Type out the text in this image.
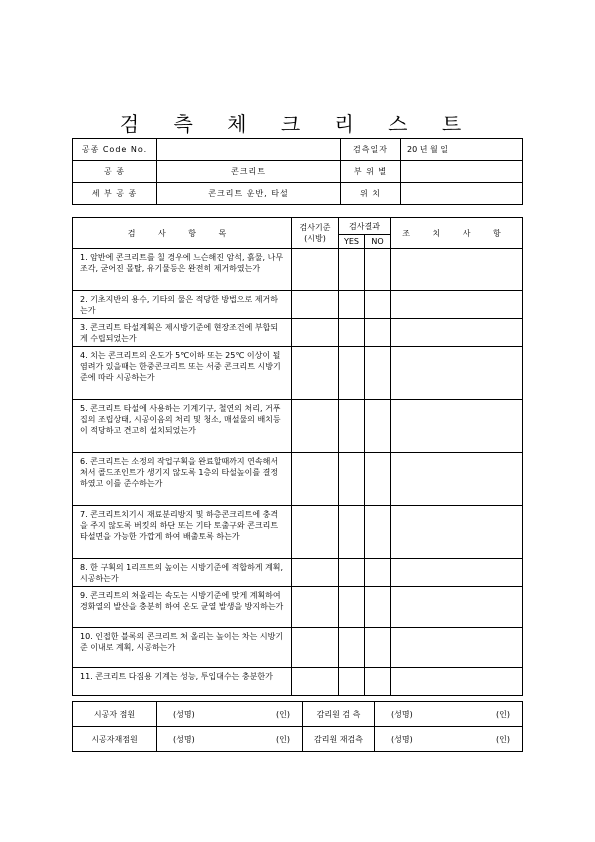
검 측 체 크 리 스 트
공종 Code No.		검측일자	20 년 월 일
공 종	콘크리트	부 위 별	
세 부 공 종	콘크리트 운반, 타설	위 치	
검 사 항 목	검사기준
(시방)	검사결과		조 치 사 항
		YES	NO	
1. 암반에 콘크리트를 칠 경우에 느슨해진 암석, 흙물, 나무조각, 굳어진 몰탈, 유기물등은 완전히 제거하였는가				
2. 기초지반의 용수, 기타의 물은 적당한 방법으로 제거하는가				
3. 콘크리트 타설계획은 제시방기준에 현장조건에 부합되게 수립되었는가				
4. 치는 콘크리트의 온도가 5℃이하 또는 25℃ 이상이 될 염려가 있을때는 한중콘크리트 또는 서중 콘크리트 시방기준에 따라 시공하는가				
5. 콘크리트 타설에 사용하는 기계기구, 철연의 처리, 거푸집의 조립상태, 시공이음의 처리 및 청소, 매설물의 배치등이 적당하고 견고히 설치되었는가				
6. 콘크리트는 소정의 작업구획을 완료할때까지 연속해서 쳐서 콜드조인트가 생기지 않도록 1층의 타설높이를 결정하였고 이를 준수하는가				
7. 콘크리트치기시 재료분리방지 및 하층콘크리트에 충격을 주지 않도록 버킷의 하단 또는 기타 토출구와 콘크리트 타설면을 가능한 가깝게 하여 배출토록 하는가				
8. 한 구획의 1리프트의 높이는 시방기준에 적합하게 계획, 시공하는가				
9. 콘크리트의 쳐올리는 속도는 시방기준에 맞게 계획하여 경화열의 발산을 충분히 하여 온도 균열 발생을 방지하는가				
10. 인접한 블록의 콘크리트 쳐 올리는 높이는 차는 시방기준 이내로 계획, 시공하는가				
11. 콘크리트 다짐용 기계는 성능, 투입대수는 충분한가				
시공자 점원	(성명) (인)	감리원 검 측	(성명) (인)

시공자재점원	(성명) (인)	감리원 재검측	(성명) (인)
